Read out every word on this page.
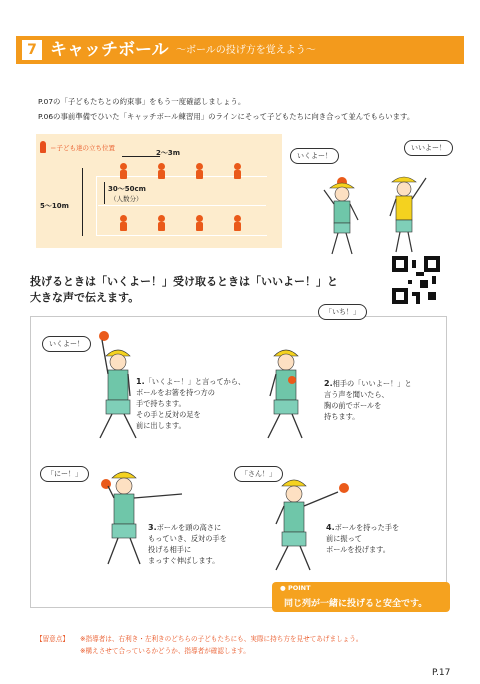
7 キャッチボール ～ボールの投げ方を覚えよう～
P.07の「子どもたちとの約束事」をもう一度確認しましょう。
P.06の事前準備でひいた「キャッチボール練習用」のラインにそって子どもたちに向き合って並んでもらいます。
＝子ども達の立ち位置
2～3m
5～10m
30～50cm
（人数分）
いくよー！
いいよー！
投げるときは「いくよー！」受け取るときは「いいよー！」と
大きな声で伝えます。
いくよー！
1.「いくよー！」と言ってから、
ボールをお箸を持つ方の
手で持ちます。
その手と反対の足を
前に出します。
「いち！」
2.相手の「いいよー！」と
言う声を聞いたら、
胸の前でボールを
持ちます。
「にー！」
3.ボールを頭の高さに
もっていき、反対の手を
投げる相手に
まっすぐ伸ばします。
「さん！」
4.ボールを持った手を
前に振って
ボールを投げます。
● POINT
同じ列が一緒に投げると安全です。
【留意点】 ※指導者は、右利き・左利きのどちらの子どもたちにも、実際に持ち方を見せてあげましょう。
※構えさせて合っているかどうか、指導者が確認します。
P.17
